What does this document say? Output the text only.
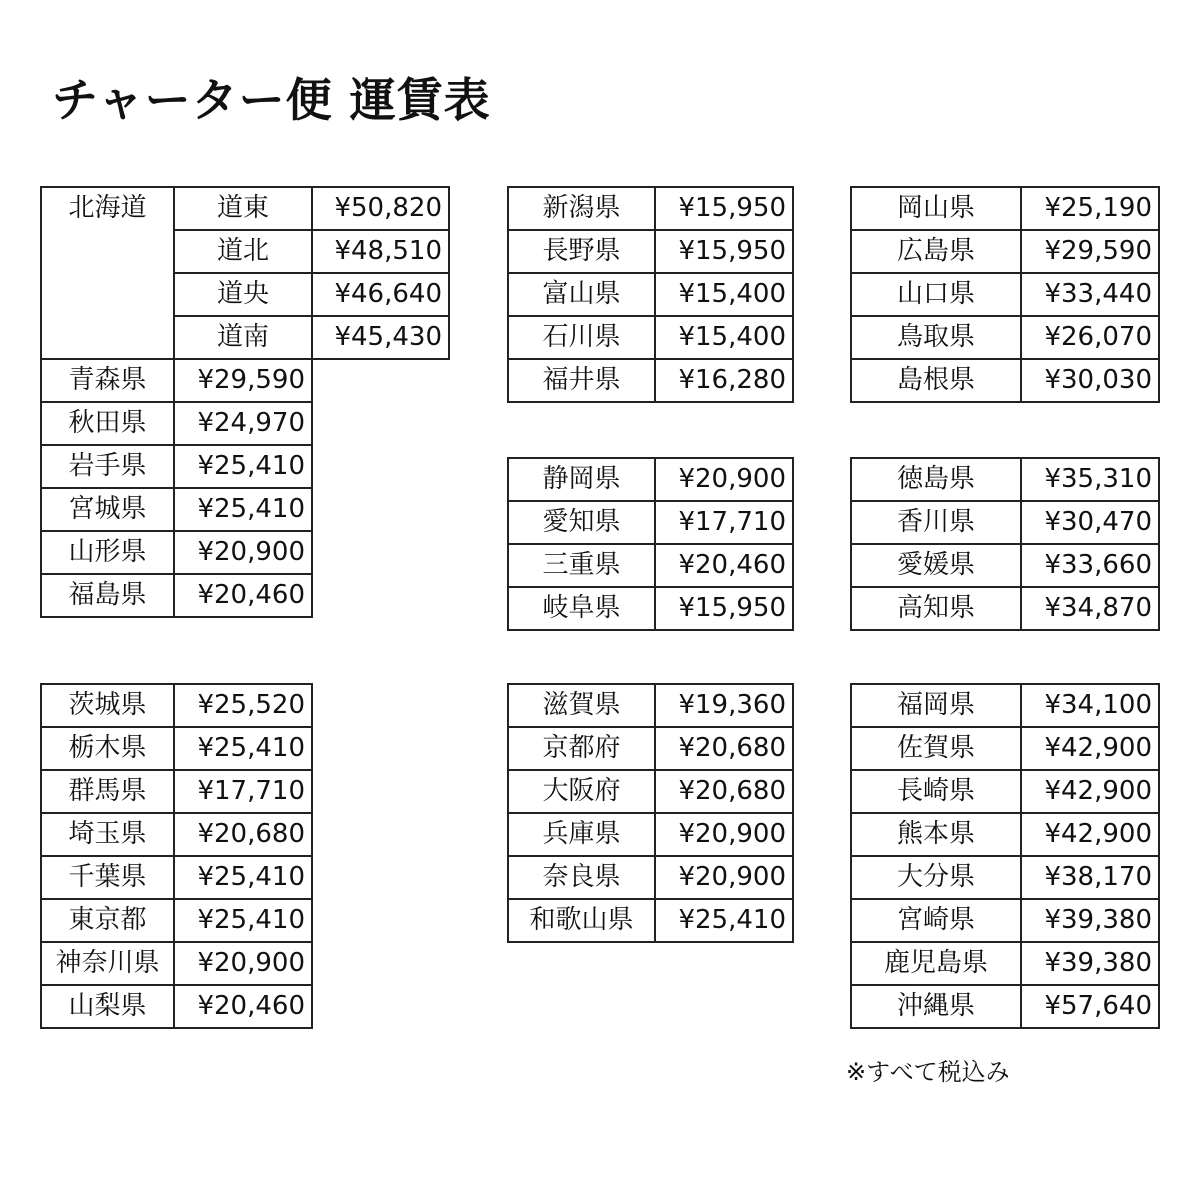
チャーター便 運賃表
北海道	道東	¥50,820
	道北	¥48,510
	道央	¥46,640
	道南	¥45,430
青森県	¥29,590	
秋田県	¥24,970	
岩手県	¥25,410	
宮城県	¥25,410	
山形県	¥20,900	
福島県	¥20,460	
茨城県	¥25,520
栃木県	¥25,410
群馬県	¥17,710
埼玉県	¥20,680
千葉県	¥25,410
東京都	¥25,410
神奈川県	¥20,900
山梨県	¥20,460
新潟県	¥15,950
長野県	¥15,950
富山県	¥15,400
石川県	¥15,400
福井県	¥16,280
静岡県	¥20,900
愛知県	¥17,710
三重県	¥20,460
岐阜県	¥15,950
滋賀県	¥19,360
京都府	¥20,680
大阪府	¥20,680
兵庫県	¥20,900
奈良県	¥20,900
和歌山県	¥25,410
岡山県	¥25,190
広島県	¥29,590
山口県	¥33,440
鳥取県	¥26,070
島根県	¥30,030
徳島県	¥35,310
香川県	¥30,470
愛媛県	¥33,660
高知県	¥34,870
福岡県	¥34,100
佐賀県	¥42,900
長崎県	¥42,900
熊本県	¥42,900
大分県	¥38,170
宮崎県	¥39,380
鹿児島県	¥39,380
沖縄県	¥57,640
※すべて税込み
